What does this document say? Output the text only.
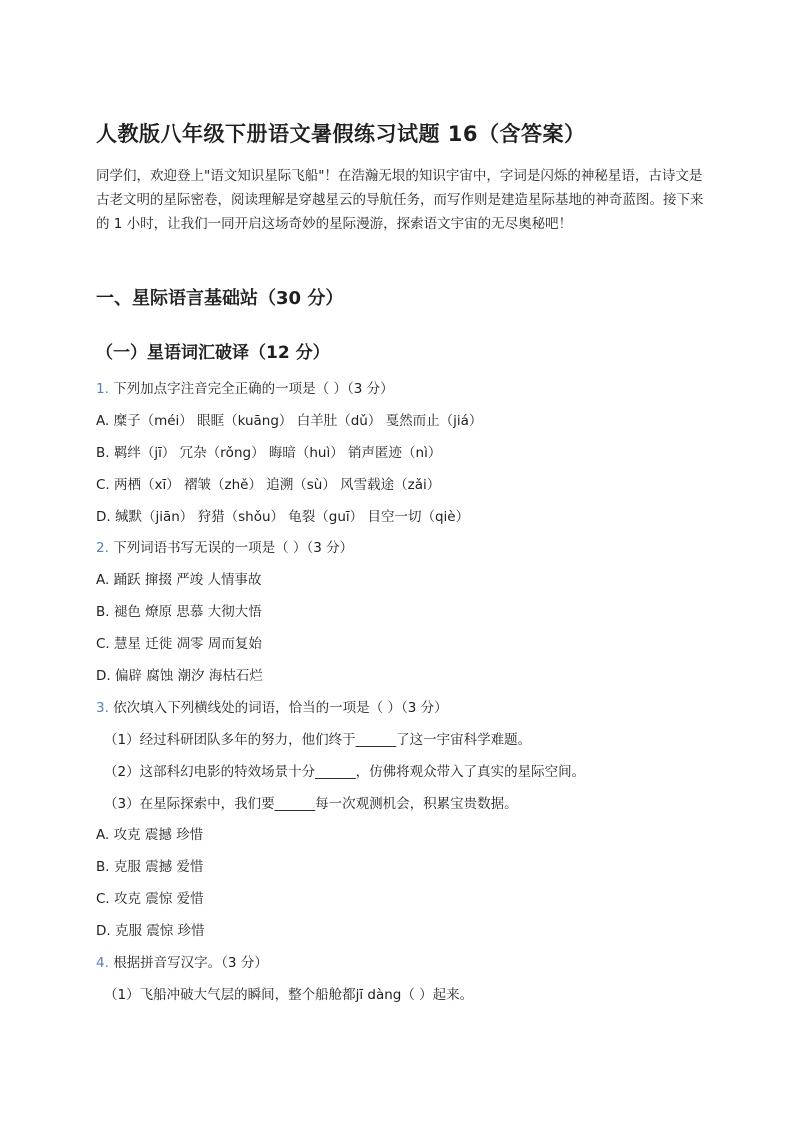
人教版八年级下册语文暑假练习试题 16（含答案）

同学们，欢迎登上"语文知识星际飞船"！在浩瀚无垠的知识宇宙中，字词是闪烁的神秘星语，古诗文是古老文明的星际密卷，阅读理解是穿越星云的导航任务，而写作则是建造星际基地的神奇蓝图。接下来的 1 小时，让我们一同开启这场奇妙的星际漫游，探索语文宇宙的无尽奥秘吧！

一、星际语言基础站（30 分）
（一）星语词汇破译（12 分）
1. 下列加点字注音完全正确的一项是（ ）（3 分）
A. 糜子（méi） 眼眶（kuāng） 白羊肚（dǔ） 戛然而止（jiá）
B. 羁绊（jī） 冗杂（rǒng） 晦暗（huì） 销声匿迹（nì）
C. 两栖（xī） 褶皱（zhě） 追溯（sù） 风雪载途（zǎi）
D. 缄默（jiān） 狩猎（shǒu） 龟裂（guī） 目空一切（qiè）
2. 下列词语书写无误的一项是（ ）（3 分）
A. 踊跃 撺掇 严竣 人情事故
B. 褪色 燎原 思慕 大彻大悟
C. 慧星 迁徙 凋零 周而复始
D. 偏辟 腐蚀 潮汐 海枯石烂
3. 依次填入下列横线处的词语，恰当的一项是（ ）（3 分）
（1）经过科研团队多年的努力，他们终于______了这一宇宙科学难题。
（2）这部科幻电影的特效场景十分______，仿佛将观众带入了真实的星际空间。
（3）在星际探索中，我们要______每一次观测机会，积累宝贵数据。
A. 攻克 震撼 珍惜
B. 克服 震撼 爱惜
C. 攻克 震惊 爱惜
D. 克服 震惊 珍惜
4. 根据拼音写汉字。（3 分）
（1）飞船冲破大气层的瞬间，整个船舱都jī dàng（ ）起来。
